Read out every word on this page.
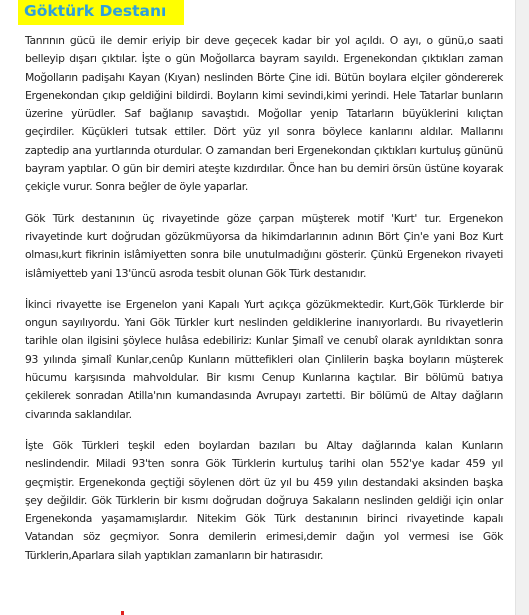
Göktürk Destanı

Tanrının gücü ile demir eriyip bir deve geçecek kadar bir yol açıldı. O ayı, o günü,o saati belleyip dışarı çıktılar. İşte o gün Moğollarca bayram sayıldı. Ergenekondan çıktıkları zaman Moğolların padişahı Kayan (Kıyan) neslinden Börte Çine idi. Bütün boylara elçiler göndererek Ergenekondan çıkıp geldiğini bildirdi. Boyların kimi sevindi,kimi yerindi. Hele Tatarlar bunların üzerine yürüdler. Saf bağlanıp savaştıdı. Moğollar yenip Tatarların büyüklerini kılıçtan geçirdiler. Küçükleri tutsak ettiler. Dört yüz yıl sonra böylece kanlarını aldılar. Mallarını zaptedip ana yurtlarında oturdular. O zamandan beri Ergenekondan çıktıkları kurtuluş gününü bayram yaptılar. O gün bir demiri ateşte kızdırdılar. Önce han bu demiri örsün üstüne koyarak çekiçle vurur. Sonra beğler de öyle yaparlar.

Gök Türk destanının üç rivayetinde göze çarpan müşterek motif 'Kurt' tur. Ergenekon rivayetinde kurt doğrudan gözükmüyorsa da hikimdarlarının adının Bört Çin'e yani Boz Kurt olması,kurt fikrinin islâmiyetten sonra bile unutulmadığını gösterir. Çünkü Ergenekon rivayeti islâmiyetteb yani 13'üncü asroda tesbit olunan Gök Türk destanıdır.

İkinci rivayette ise Ergenelon yani Kapalı Yurt açıkça gözükmektedir. Kurt,Gök Türklerde bir ongun sayılıyordu. Yani Gök Türkler kurt neslinden geldiklerine inanıyorlardı. Bu rivayetlerin tarihle olan ilgisini şöylece hulâsa edebiliriz: Kunlar Şimalî ve cenubî olarak ayrıldıktan sonra 93 yılında şimalî Kunlar,cenûp Kunların müttefikleri olan Çinlilerin başka boyların müşterek hücumu karşısında mahvoldular. Bir kısmı Cenup Kunlarına kaçtılar. Bir bölümü batıya çekilerek sonradan Atilla'nın kumandasında Avrupayı zartetti. Bir bölümü de Altay dağların civarında saklandılar.

İşte Gök Türkleri teşkil eden boylardan bazıları bu Altay dağlarında kalan Kunların neslindendir. Miladi 93'ten sonra Gök Türklerin kurtuluş tarihi olan 552'ye kadar 459 yıl geçmiştir. Ergenekonda geçtiği söylenen dört üz yıl bu 459 yılın destandaki aksinden başka şey değildir. Gök Türklerin bir kısmı doğrudan doğruya Sakaların neslinden geldiği için onlar Ergenekonda yaşamamışlardır. Nitekim Gök Türk destanının birinci rivayetinde kapalı Vatandan söz geçmiyor. Sonra demilerin erimesi,demir dağın yol vermesi ise Gök Türklerin,Aparlara silah yaptıkları zamanların bir hatırasıdır.
